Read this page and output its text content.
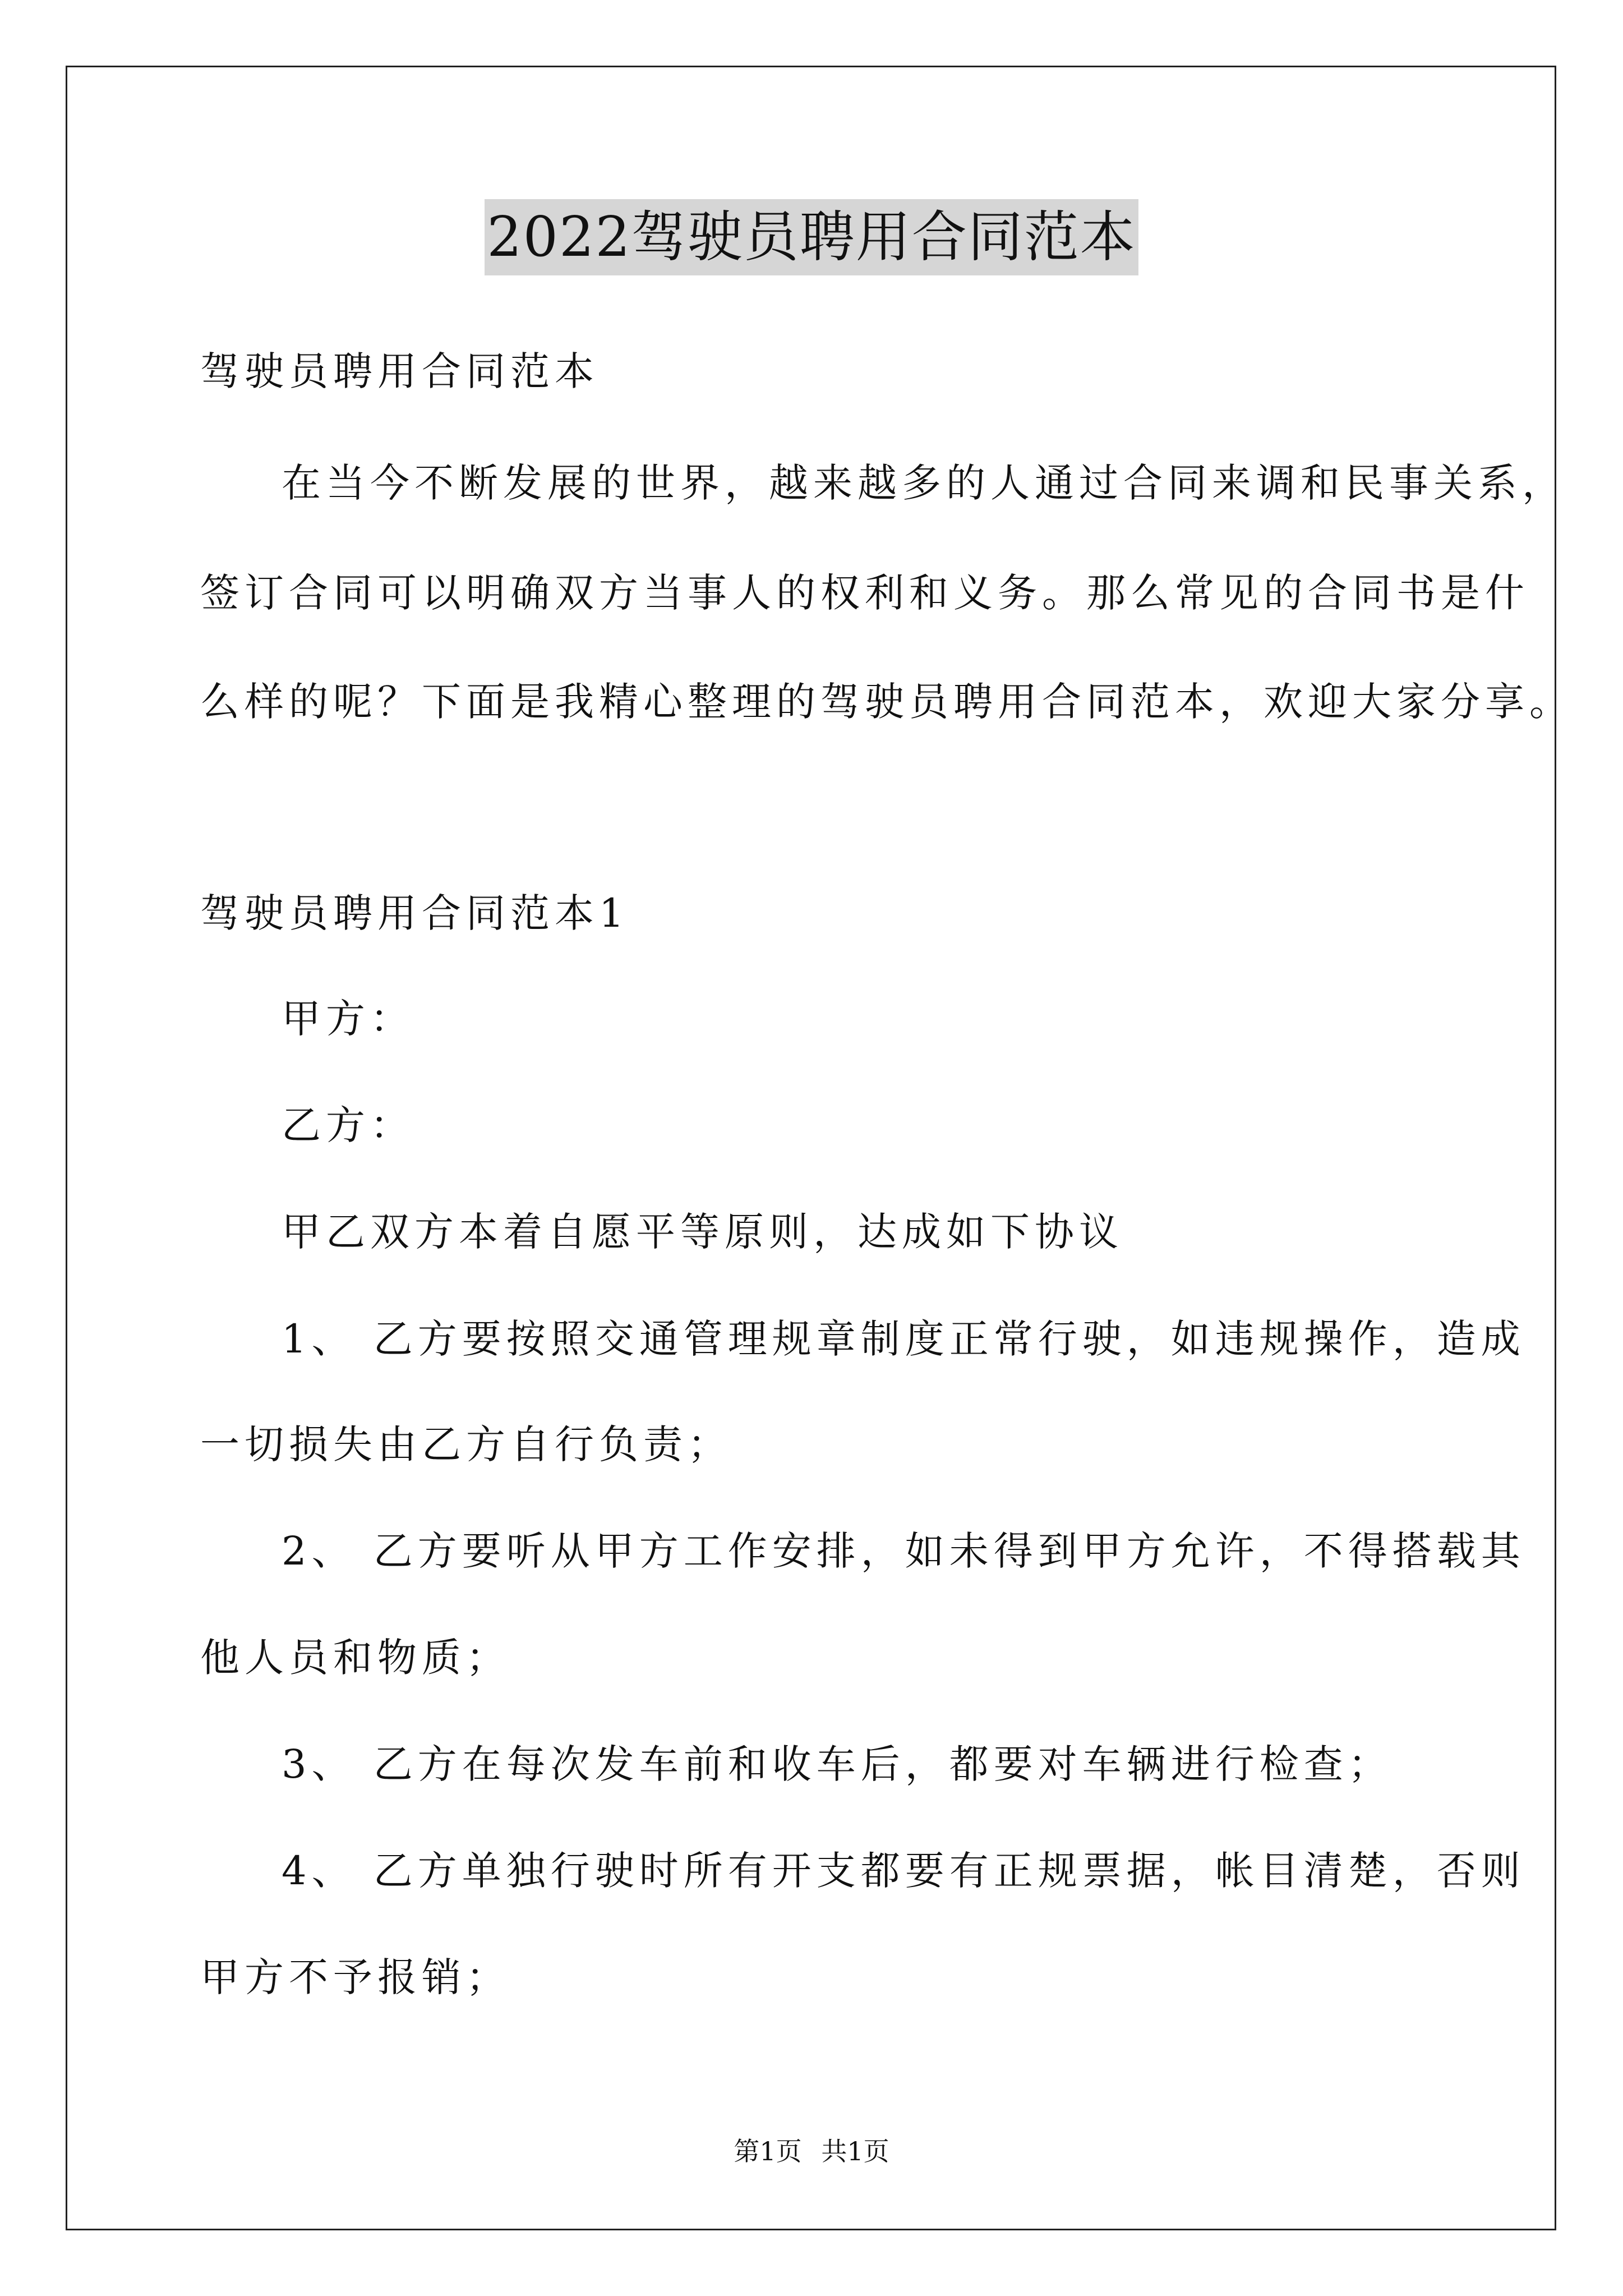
2022驾驶员聘用合同范本
驾驶员聘用合同范本
在当今不断发展的世界，越来越多的人通过合同来调和民事关系，
签订合同可以明确双方当事人的权利和义务。那么常见的合同书是什
么样的呢？下面是我精心整理的驾驶员聘用合同范本，欢迎大家分享。
驾驶员聘用合同范本1
甲方：
乙方：
甲乙双方本着自愿平等原则，达成如下协议
1、 乙方要按照交通管理规章制度正常行驶，如违规操作，造成
一切损失由乙方自行负责；
2、 乙方要听从甲方工作安排，如未得到甲方允许，不得搭载其
他人员和物质；
3、 乙方在每次发车前和收车后，都要对车辆进行检查；
4、 乙方单独行驶时所有开支都要有正规票据，帐目清楚，否则
甲方不予报销；
第1页 共1页
